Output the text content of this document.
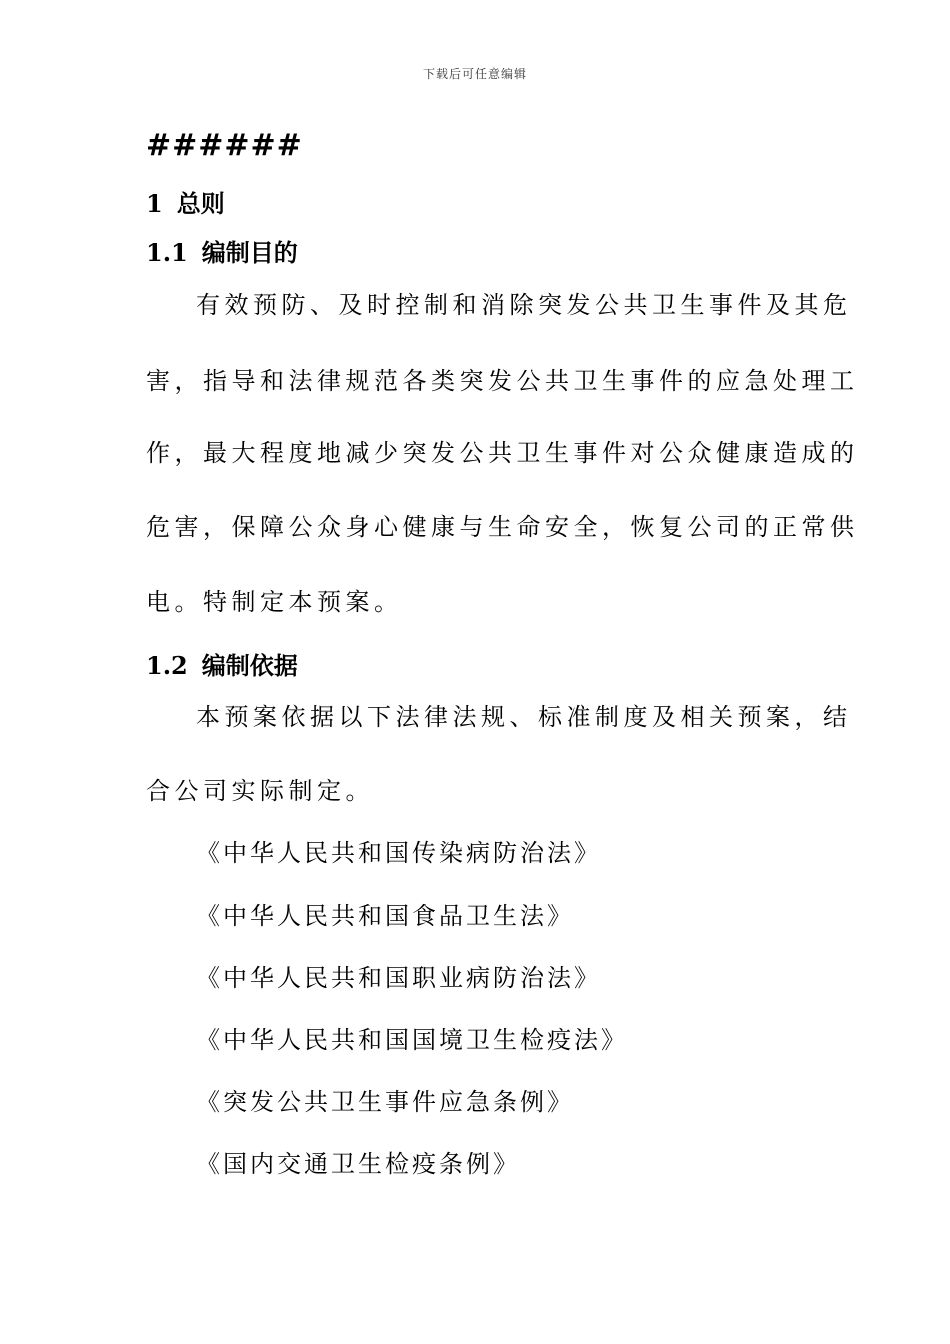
下载后可任意编辑
######
1 总则
1.1 编制目的
有效预防、及时控制和消除突发公共卫生事件及其危
害，指导和法律规范各类突发公共卫生事件的应急处理工
作，最大程度地减少突发公共卫生事件对公众健康造成的
危害，保障公众身心健康与生命安全，恢复公司的正常供
电。特制定本预案。
1.2 编制依据
本预案依据以下法律法规、标准制度及相关预案，结
合公司实际制定。
《中华人民共和国传染病防治法》
《中华人民共和国食品卫生法》
《中华人民共和国职业病防治法》
《中华人民共和国国境卫生检疫法》
《突发公共卫生事件应急条例》
《国内交通卫生检疫条例》
